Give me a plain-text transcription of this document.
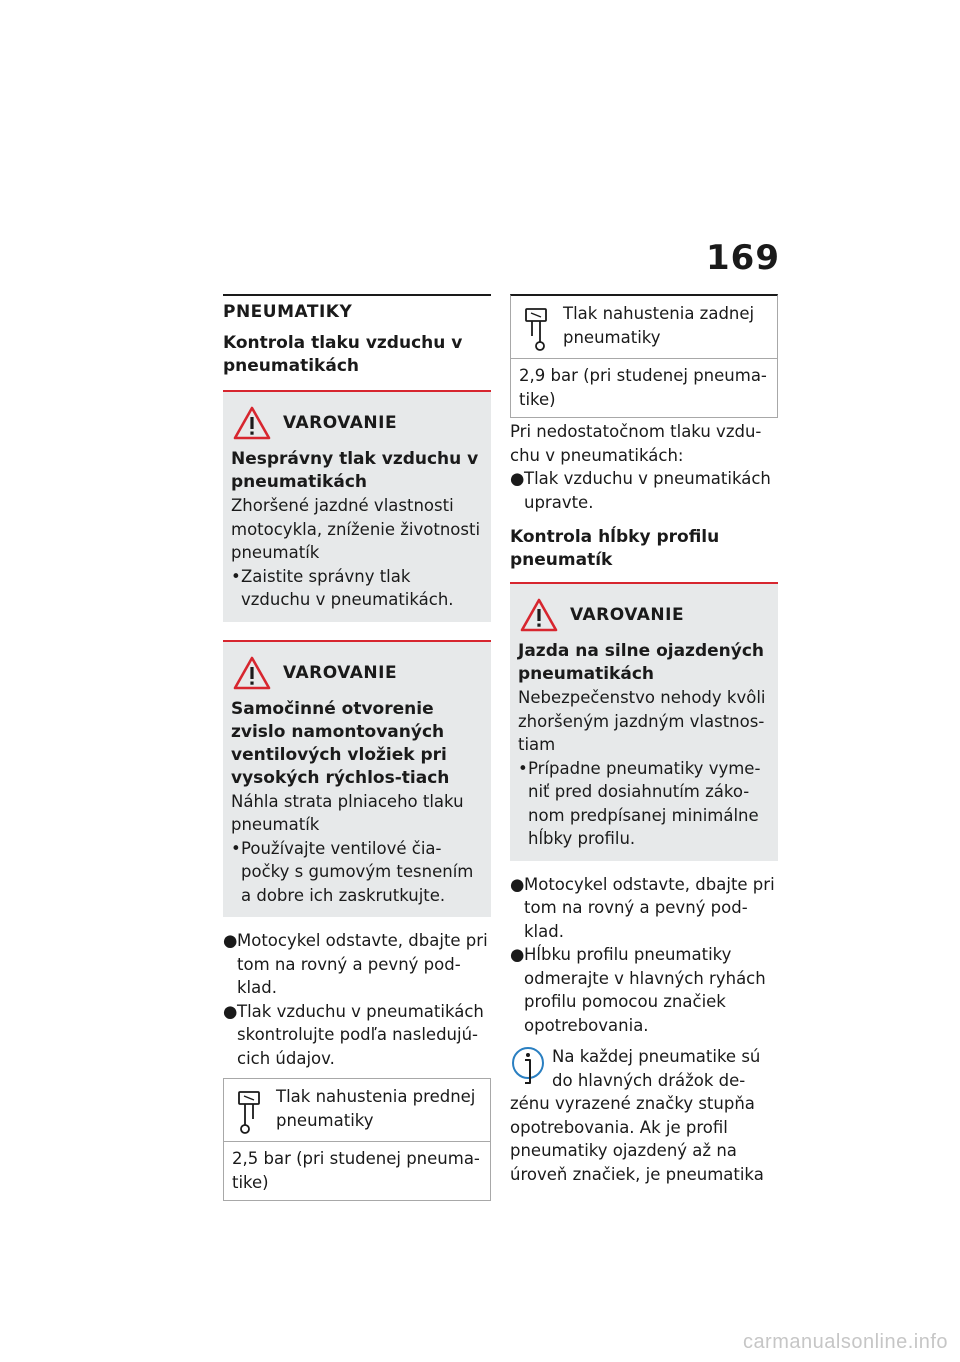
169
PNEUMATIKY
Kontrola tlaku vzduchu v pneumatikách
VAROVANIE
Nesprávny tlak vzduchu v pneumatikách
Zhoršené jazdné vlastnosti motocykla, zníženie životnosti pneumatík
• Zaistite správny tlak vzduchu v pneumatikách.
VAROVANIE
Samočinné otvorenie zvislo namontovaných ventilových vložiek pri vysokých rýchlos-tiach
Náhla strata plniaceho tlaku pneumatík
• Používajte ventilové čia-počky s gumovým tesnením a dobre ich zaskrutkujte.
● Motocykel odstavte, dbajte pri tom na rovný a pevný pod-klad.
● Tlak vzduchu v pneumatikách skontrolujte podľa nasledujú-cich údajov.
Tlak nahustenia prednej pneumatiky
2,5 bar (pri studenej pneuma-tike)
Tlak nahustenia zadnej pneumatiky
2,9 bar (pri studenej pneuma-tike)
Pri nedostatočnom tlaku vzdu-chu v pneumatikách:
● Tlak vzduchu v pneumatikách upravte.
Kontrola hĺbky profilu pneumatík
VAROVANIE
Jazda na silne ojazdených pneumatikách
Nebezpečenstvo nehody kvôli zhoršeným jazdným vlastnos-tiam
• Prípadne pneumatiky vyme-niť pred dosiahnutím záko-nom predpísanej minimálne hĺbky profilu.
● Motocykel odstavte, dbajte pri tom na rovný a pevný pod-klad.
● Hĺbku profilu pneumatiky odmerajte v hlavných ryhách profilu pomocou značiek opotrebovania.
Na každej pneumatike sú do hlavných drážok de-
zénu vyrazené značky stupňa opotrebovania. Ak je profil pneumatiky ojazdený až na úroveň značiek, je pneumatika
carmanualsonline.info
